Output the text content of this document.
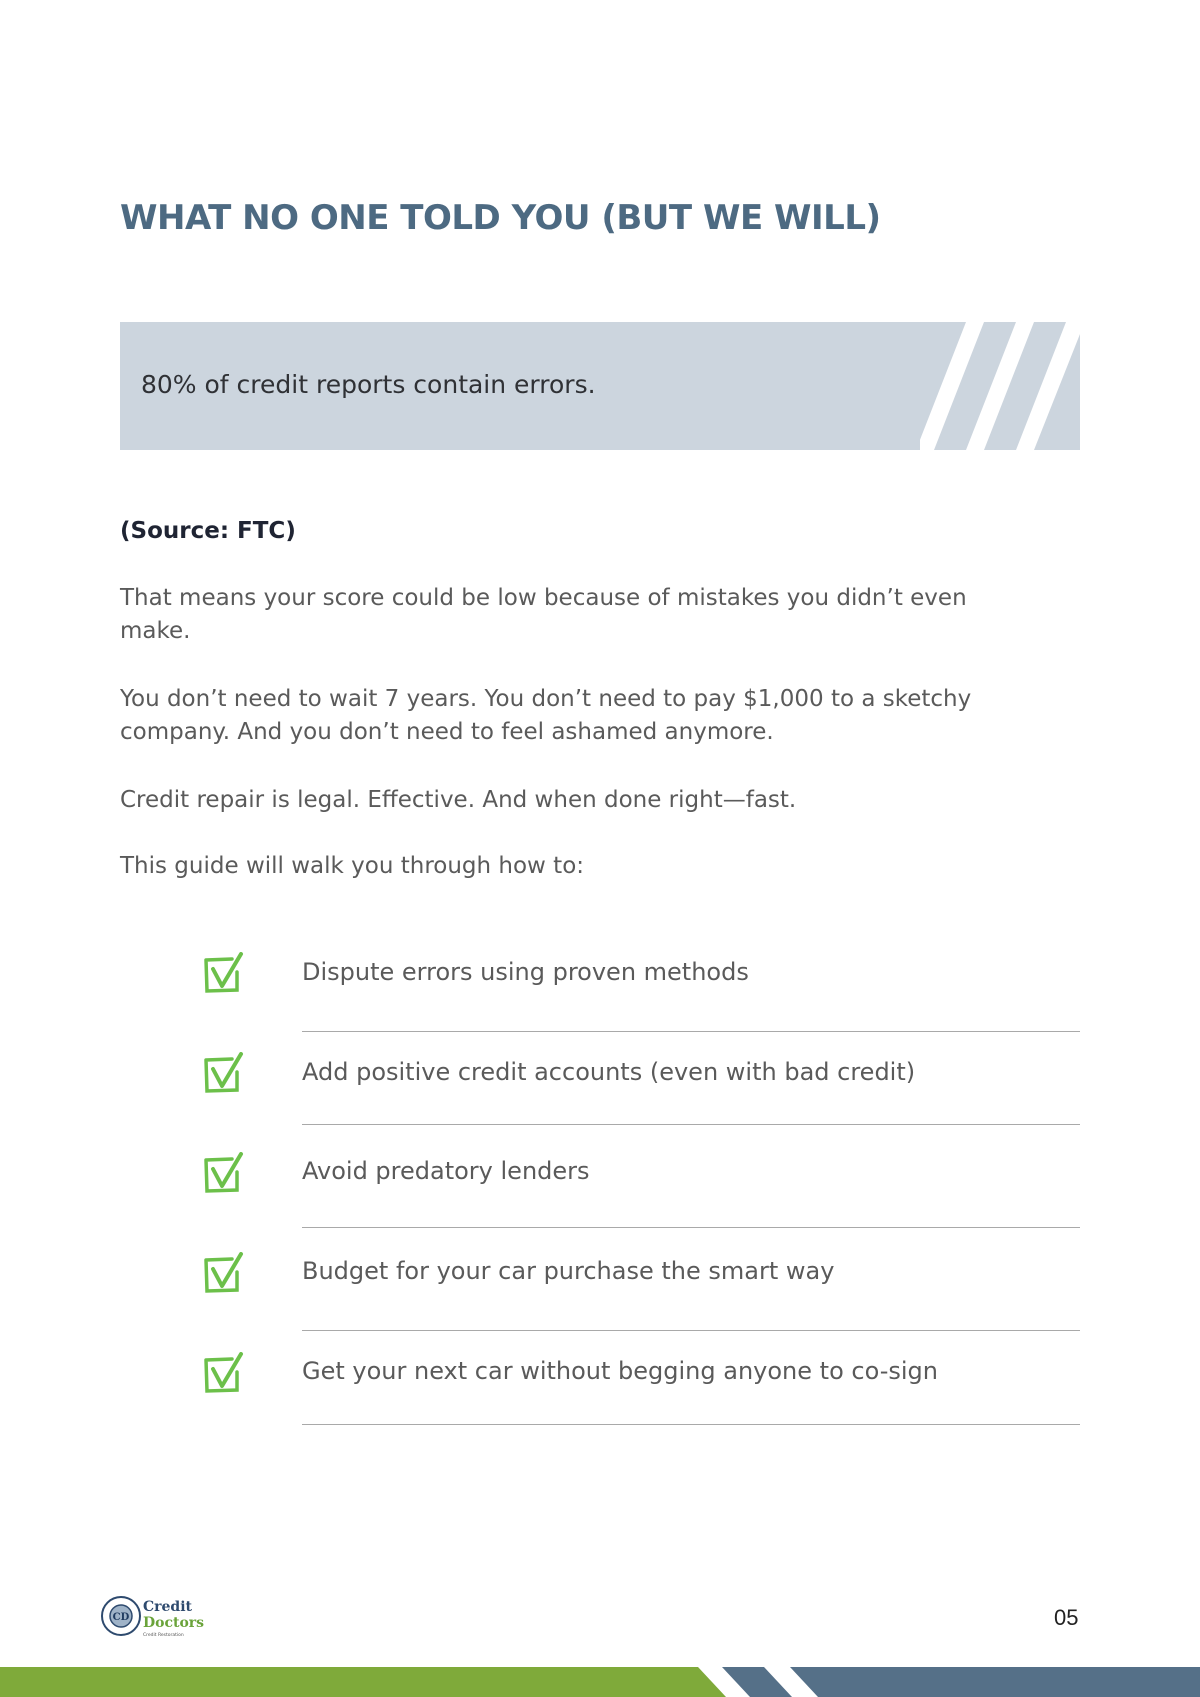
WHAT NO ONE TOLD YOU (BUT WE WILL)
80% of credit reports contain errors.
(Source: FTC)

That means your score could be low because of mistakes you didn’t even make.

You don’t need to wait 7 years. You don’t need to pay $1,000 to a sketchy company. And you don’t need to feel ashamed anymore.

Credit repair is legal. Effective. And when done right—fast.

This guide will walk you through how to:

Dispute errors using proven methods
Add positive credit accounts (even with bad credit)
Avoid predatory lenders
Budget for your car purchase the smart way
Get your next car without begging anyone to co-sign
CD
Credit
Doctors
Credit Restoration
05
